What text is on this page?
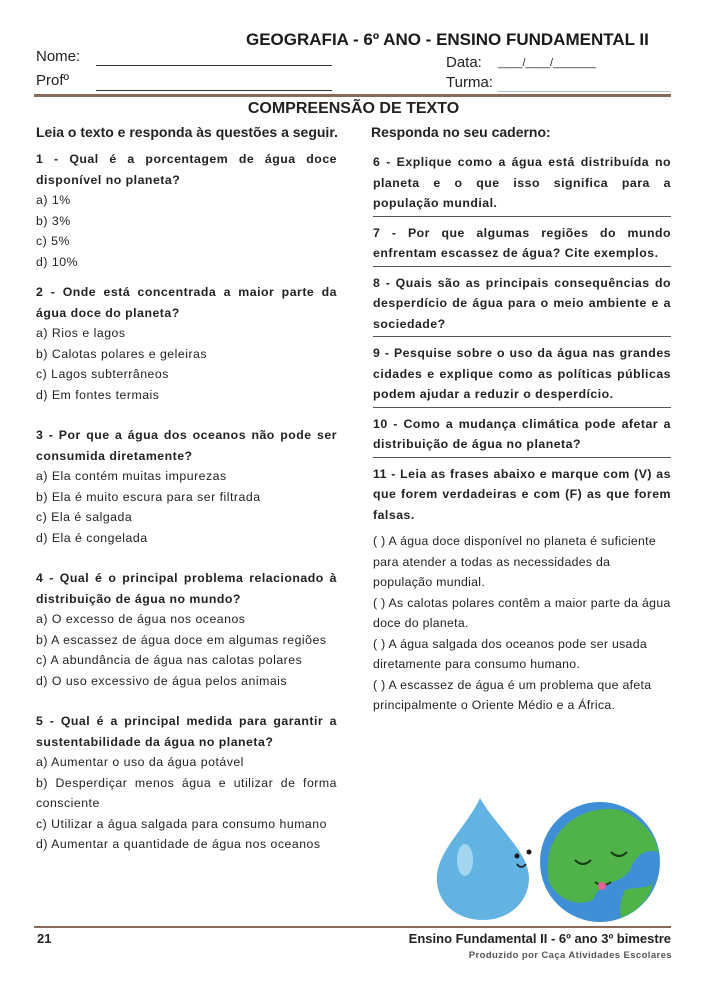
GEOGRAFIA - 6º ANO - ENSINO FUNDAMENTAL II
Nome:
Profº
Data: ____/____/_______
Turma:
COMPREENSÃO DE TEXTO
Leia o texto e responda às questões a seguir. Responda no seu caderno:

1 - Qual é a porcentagem de água doce disponível no planeta?

a) 1%

b) 3%

c) 5%

d) 10%

2 - Onde está concentrada a maior parte da água doce do planeta?

a) Rios e lagos

b) Calotas polares e geleiras

c) Lagos subterrâneos

d) Em fontes termais

3 - Por que a água dos oceanos não pode ser consumida diretamente?

a) Ela contém muitas impurezas

b) Ela é muito escura para ser filtrada

c) Ela é salgada

d) Ela é congelada

4 - Qual é o principal problema relacionado à distribuição de água no mundo?

a) O excesso de água nos oceanos

b) A escassez de água doce em algumas regiões

c) A abundância de água nas calotas polares

d) O uso excessivo de água pelos animais

5 - Qual é a principal medida para garantir a sustentabilidade da água no planeta?

a) Aumentar o uso da água potável

b) Desperdiçar menos água e utilizar de forma consciente

c) Utilizar a água salgada para consumo humano

d) Aumentar a quantidade de água nos oceanos

6 - Explique como a água está distribuída no planeta e o que isso significa para a população mundial.

7 - Por que algumas regiões do mundo enfrentam escassez de água? Cite exemplos.

8 - Quais são as principais consequências do desperdício de água para o meio ambiente e a sociedade?

9 - Pesquise sobre o uso da água nas grandes cidades e explique como as políticas públicas podem ajudar a reduzir o desperdício.

10 - Como a mudança climática pode afetar a distribuição de água no planeta?

11 - Leia as frases abaixo e marque com (V) as que forem verdadeiras e com (F) as que forem falsas.

( ) A água doce disponível no planeta é suficiente para atender a todas as necessidades da população mundial.

( ) As calotas polares contêm a maior parte da água doce do planeta.

( ) A água salgada dos oceanos pode ser usada diretamente para consumo humano.

( ) A escassez de água é um problema que afeta principalmente o Oriente Médio e a África.

21	Ensino Fundamental II - 6º ano 3º bimestre
Produzido por Caça Atividades Escolares
